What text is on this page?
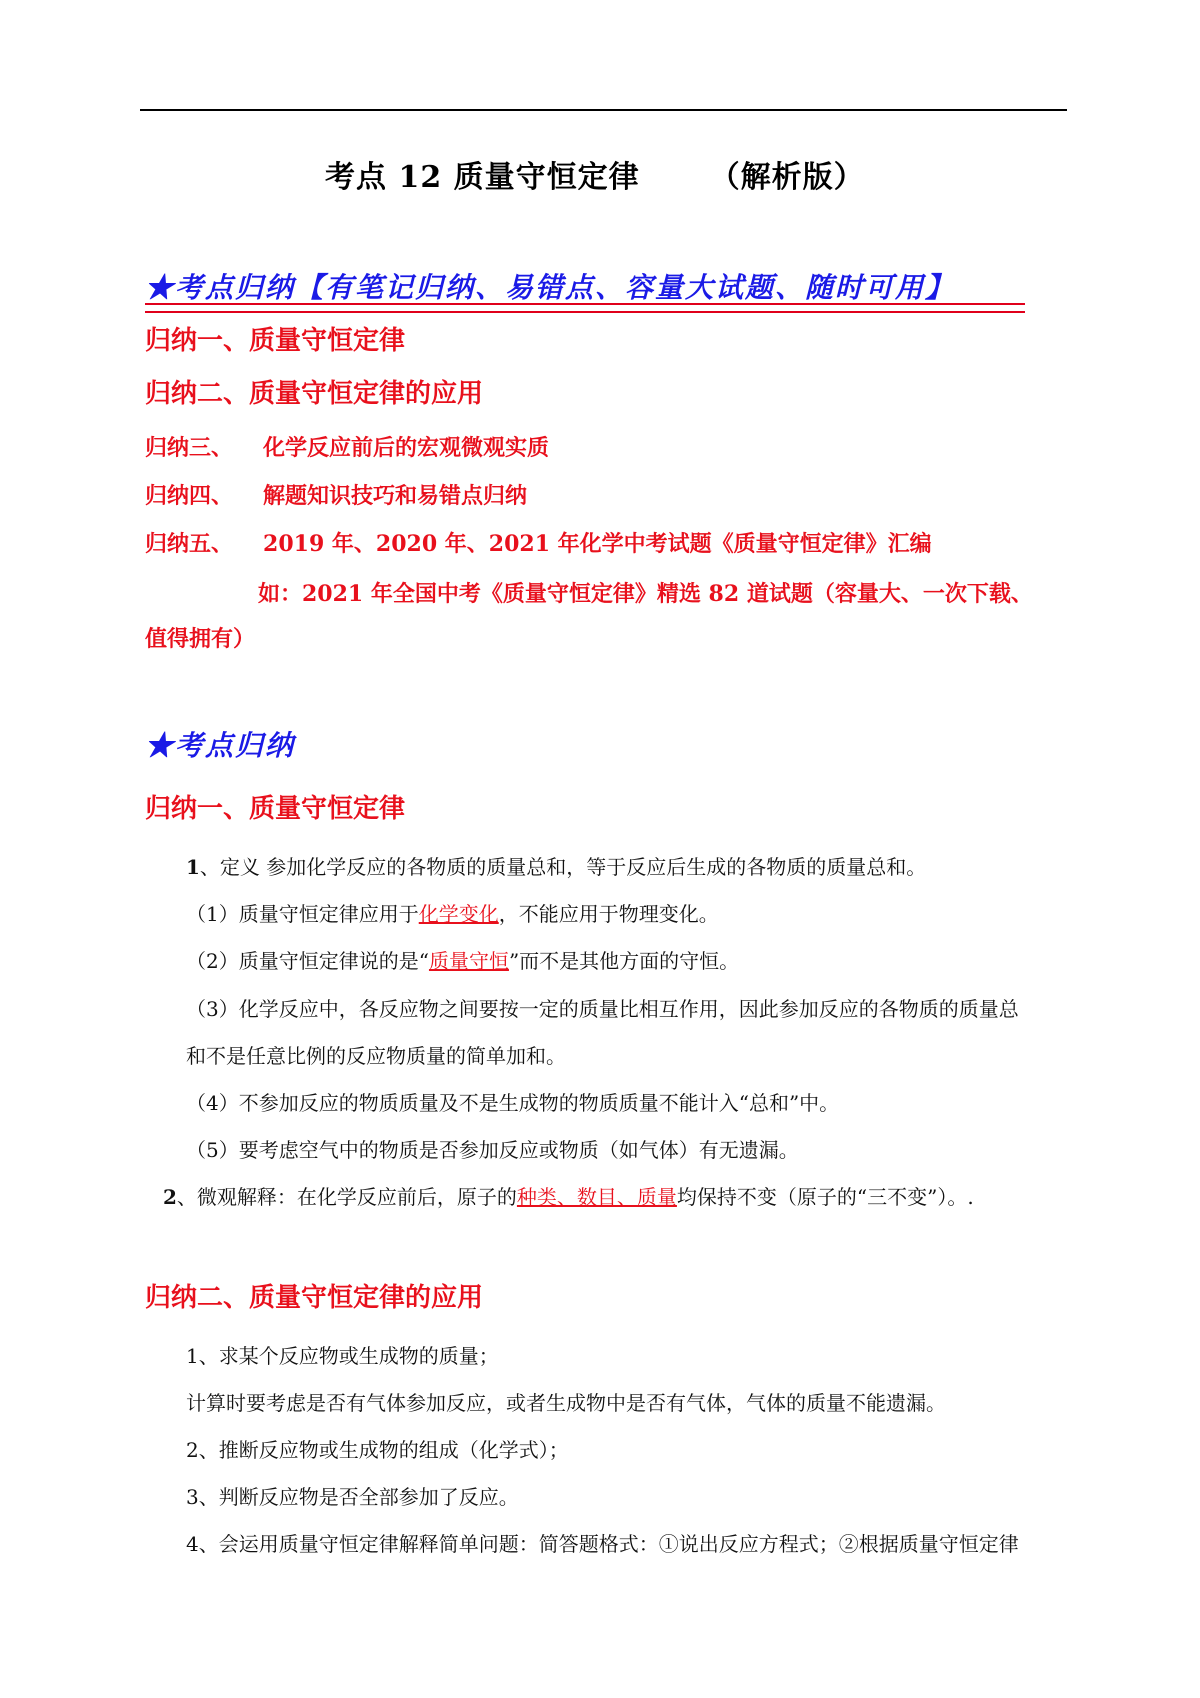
考点 12 质量守恒定律 （解析版）
★考点归纳【有笔记归纳、易错点、容量大试题、随时可用】
归纳一、质量守恒定律
归纳二、质量守恒定律的应用
归纳三、 化学反应前后的宏观微观实质
归纳四、 解题知识技巧和易错点归纳
归纳五、 2019 年、2020 年、2021 年化学中考试题《质量守恒定律》汇编
如：2021 年全国中考《质量守恒定律》精选 82 道试题（容量大、一次下载、
值得拥有）
★考点归纳
归纳一、质量守恒定律
1、定义 参加化学反应的各物质的质量总和，等于反应后生成的各物质的质量总和。
（1）质量守恒定律应用于化学变化，不能应用于物理变化。
（2）质量守恒定律说的是“质量守恒”而不是其他方面的守恒。
（3）化学反应中，各反应物之间要按一定的质量比相互作用，因此参加反应的各物质的质量总
和不是任意比例的反应物质量的简单加和。
（4）不参加反应的物质质量及不是生成物的物质质量不能计入“总和”中。
（5）要考虑空气中的物质是否参加反应或物质（如气体）有无遗漏。
2、微观解释：在化学反应前后，原子的种类、数目、质量均保持不变（原子的“三不变”）。.
归纳二、质量守恒定律的应用
1、求某个反应物或生成物的质量；
计算时要考虑是否有气体参加反应，或者生成物中是否有气体，气体的质量不能遗漏。
2、推断反应物或生成物的组成（化学式）；
3、判断反应物是否全部参加了反应。
4、会运用质量守恒定律解释简单问题：简答题格式：①说出反应方程式；②根据质量守恒定律
